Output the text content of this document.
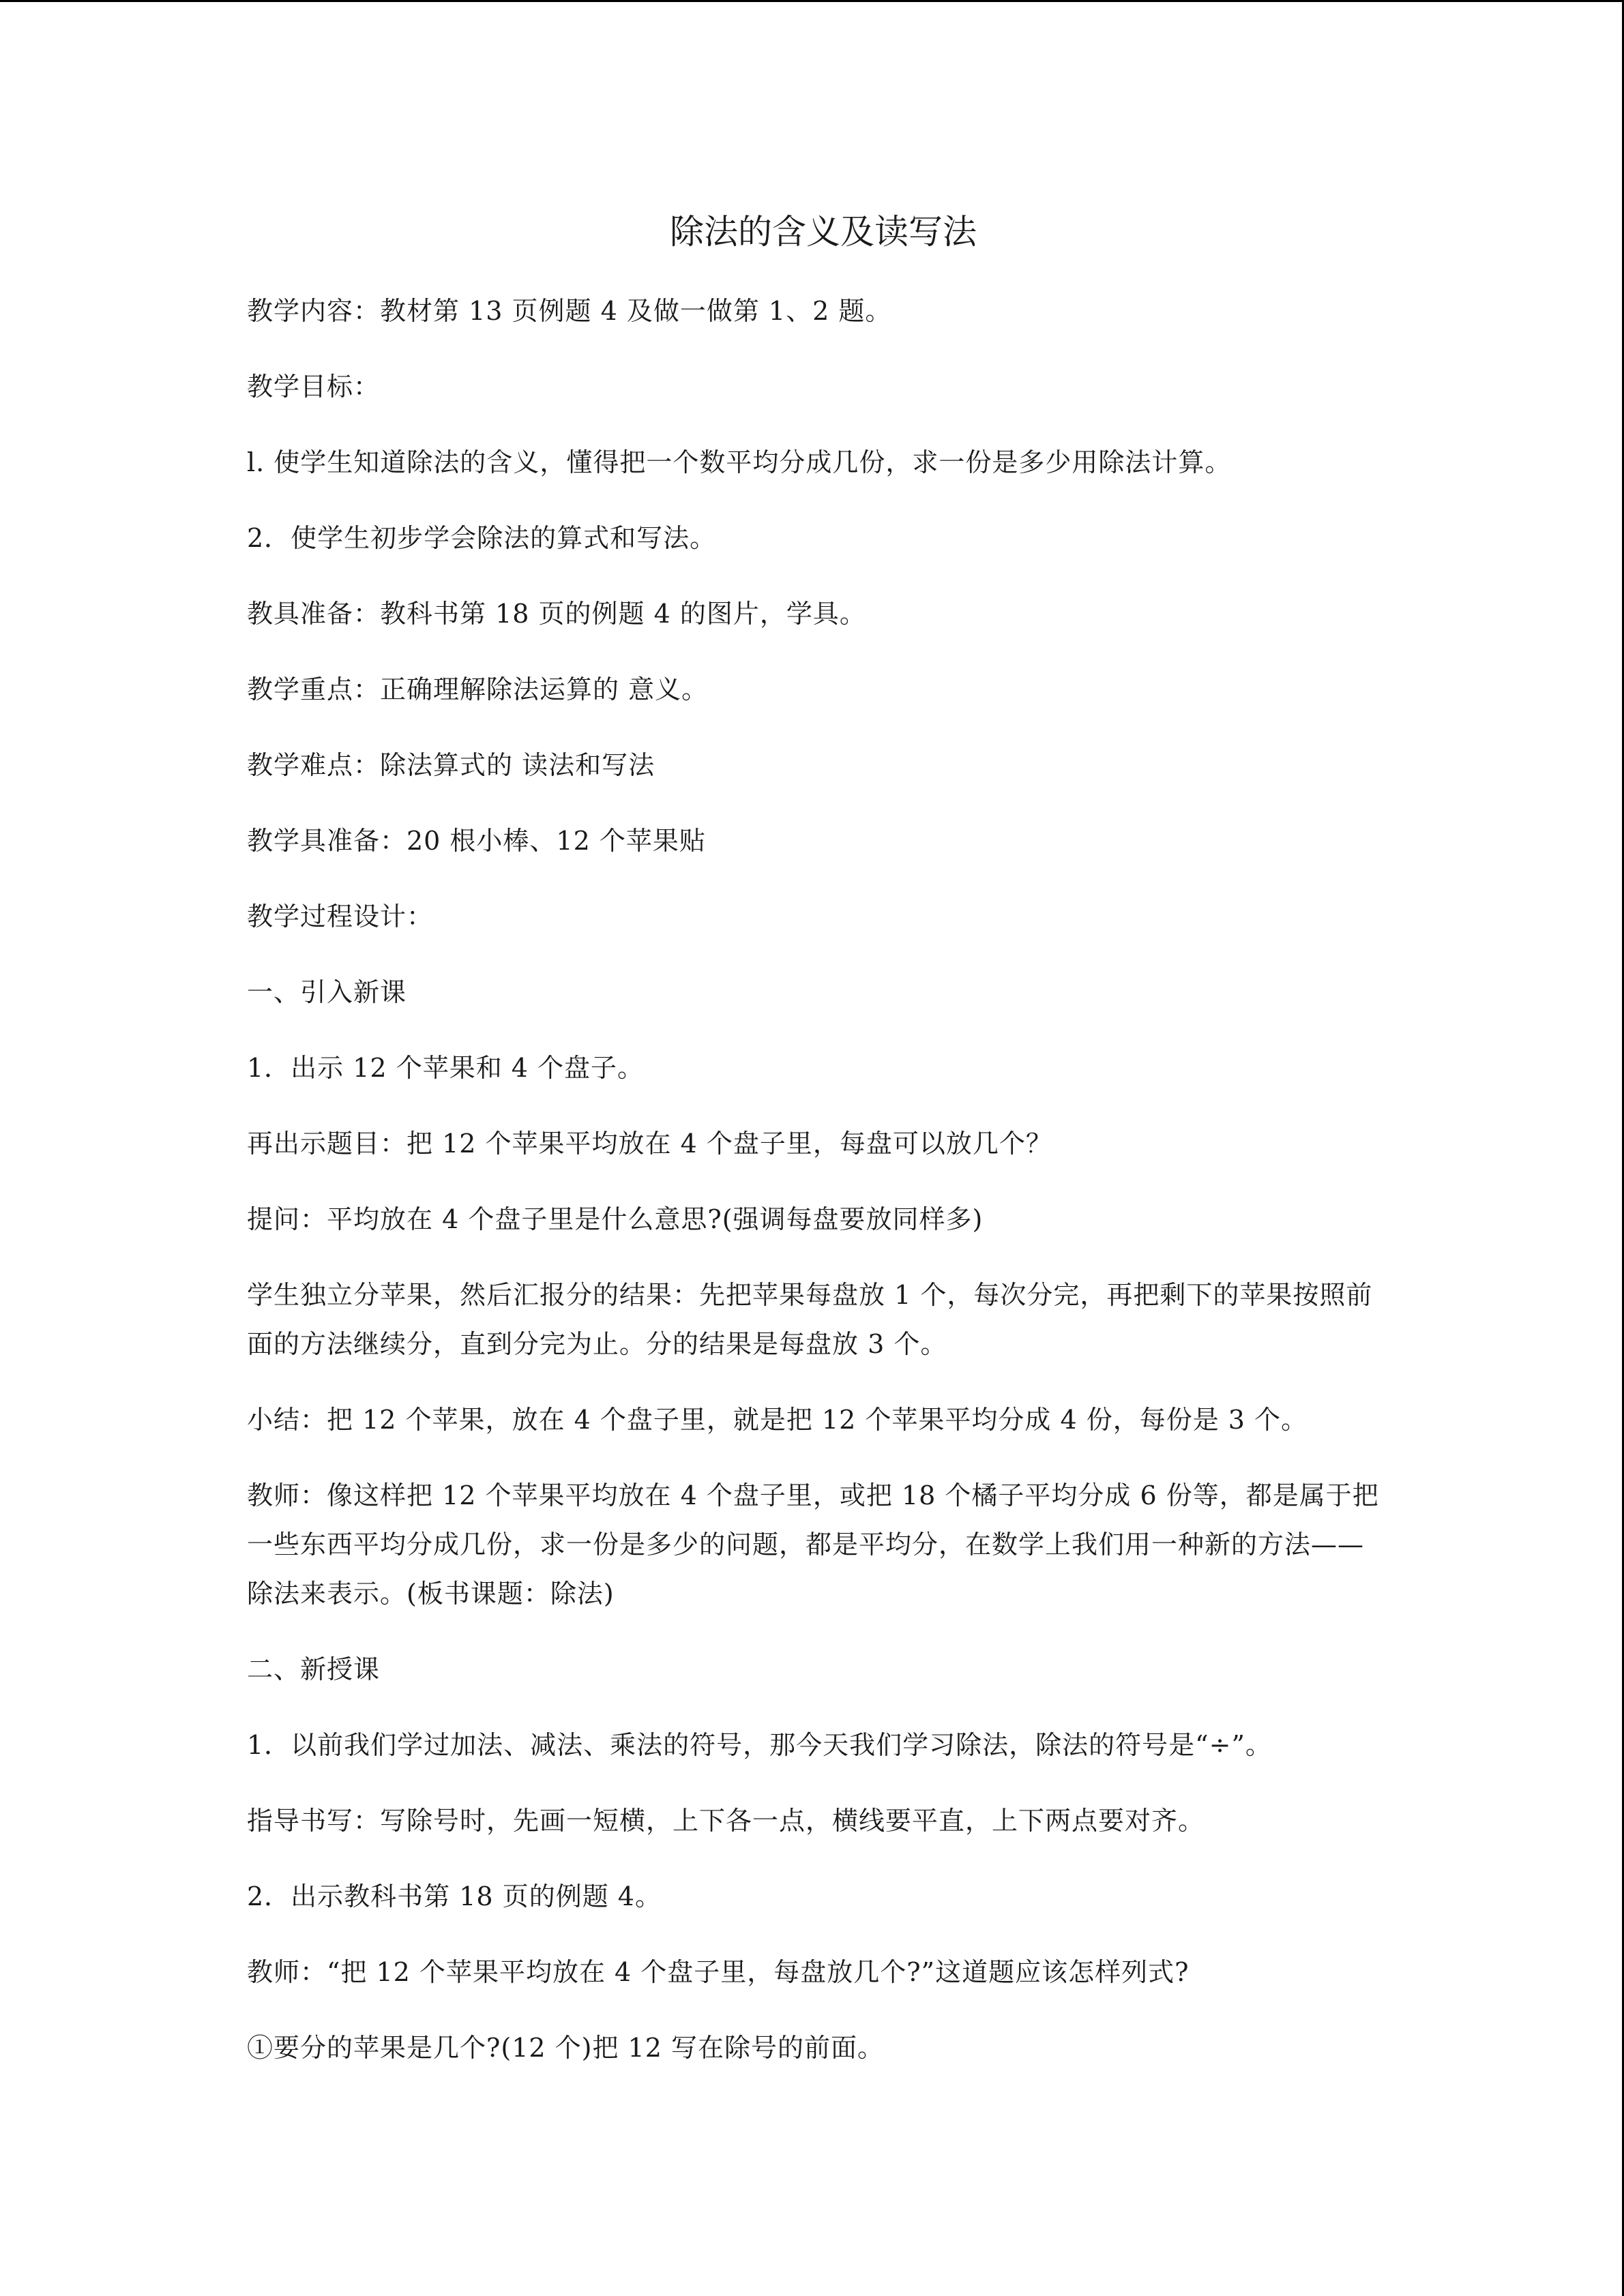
除法的含义及读写法

教学内容：教材第 13 页例题 4 及做一做第 1、2 题。

教学目标：

l. 使学生知道除法的含义，懂得把一个数平均分成几份，求一份是多少用除法计算。

2．使学生初步学会除法的算式和写法。

教具准备：教科书第 18 页的例题 4 的图片，学具。

教学重点：正确理解除法运算的 意义。

教学难点：除法算式的 读法和写法

教学具准备：20 根小棒、12 个苹果贴

教学过程设计：

一、引入新课

1．出示 12 个苹果和 4 个盘子。

再出示题目：把 12 个苹果平均放在 4 个盘子里，每盘可以放几个？

提问：平均放在 4 个盘子里是什么意思?(强调每盘要放同样多)

学生独立分苹果，然后汇报分的结果：先把苹果每盘放 1 个，每次分完，再把剩下的苹果按照前面的方法继续分，直到分完为止。分的结果是每盘放 3 个。

小结：把 12 个苹果，放在 4 个盘子里，就是把 12 个苹果平均分成 4 份，每份是 3 个。

教师：像这样把 12 个苹果平均放在 4 个盘子里，或把 18 个橘子平均分成 6 份等，都是属于把一些东西平均分成几份，求一份是多少的问题，都是平均分，在数学上我们用一种新的方法——除法来表示。(板书课题：除法)

二、新授课

1．以前我们学过加法、减法、乘法的符号，那今天我们学习除法，除法的符号是“÷”。

指导书写：写除号时，先画一短横，上下各一点，横线要平直，上下两点要对齐。

2．出示教科书第 18 页的例题 4。

教师：“把 12 个苹果平均放在 4 个盘子里，每盘放几个?”这道题应该怎样列式?

①要分的苹果是几个?(12 个)把 12 写在除号的前面。
